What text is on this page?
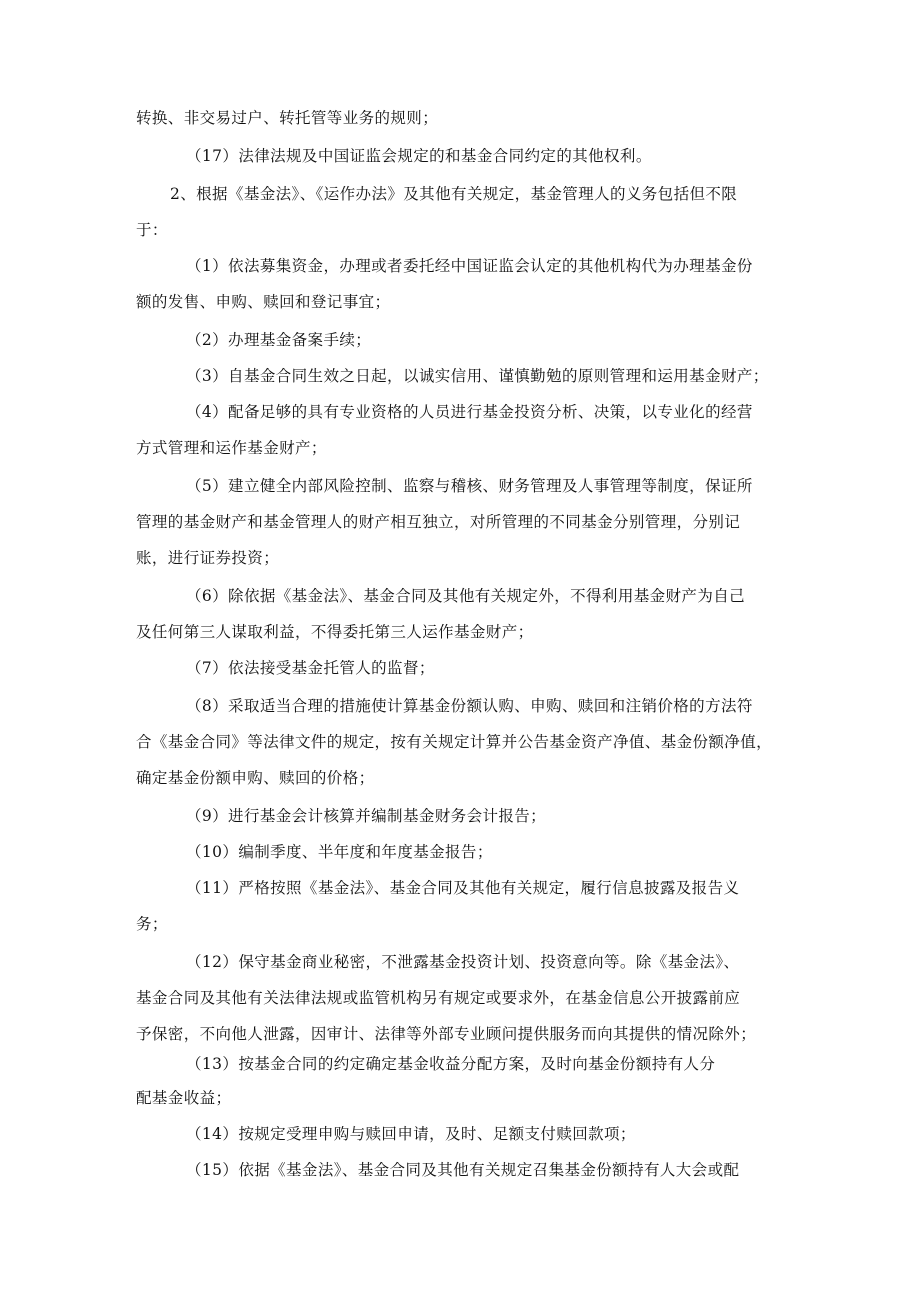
转换、非交易过户、转托管等业务的规则；
（17）法律法规及中国证监会规定的和基金合同约定的其他权利。
2、根据《基金法》、《运作办法》及其他有关规定，基金管理人的义务包括但不限
于：
（1）依法募集资金，办理或者委托经中国证监会认定的其他机构代为办理基金份
额的发售、申购、赎回和登记事宜；
（2）办理基金备案手续；
（3）自基金合同生效之日起，以诚实信用、谨慎勤勉的原则管理和运用基金财产；
（4）配备足够的具有专业资格的人员进行基金投资分析、决策，以专业化的经营
方式管理和运作基金财产；
（5）建立健全内部风险控制、监察与稽核、财务管理及人事管理等制度，保证所
管理的基金财产和基金管理人的财产相互独立，对所管理的不同基金分别管理，分别记
账，进行证券投资；
（6）除依据《基金法》、基金合同及其他有关规定外，不得利用基金财产为自己
及任何第三人谋取利益，不得委托第三人运作基金财产；
（7）依法接受基金托管人的监督；
（8）采取适当合理的措施使计算基金份额认购、申购、赎回和注销价格的方法符
合《基金合同》等法律文件的规定，按有关规定计算并公告基金资产净值、基金份额净值，
确定基金份额申购、赎回的价格；
（9）进行基金会计核算并编制基金财务会计报告；
（10）编制季度、半年度和年度基金报告；
（11）严格按照《基金法》、基金合同及其他有关规定，履行信息披露及报告义
务；
（12）保守基金商业秘密，不泄露基金投资计划、投资意向等。除《基金法》、
基金合同及其他有关法律法规或监管机构另有规定或要求外，在基金信息公开披露前应
予保密，不向他人泄露，因审计、法律等外部专业顾问提供服务而向其提供的情况除外；
（13）按基金合同的约定确定基金收益分配方案，及时向基金份额持有人分
配基金收益；
（14）按规定受理申购与赎回申请，及时、足额支付赎回款项；
（15）依据《基金法》、基金合同及其他有关规定召集基金份额持有人大会或配
